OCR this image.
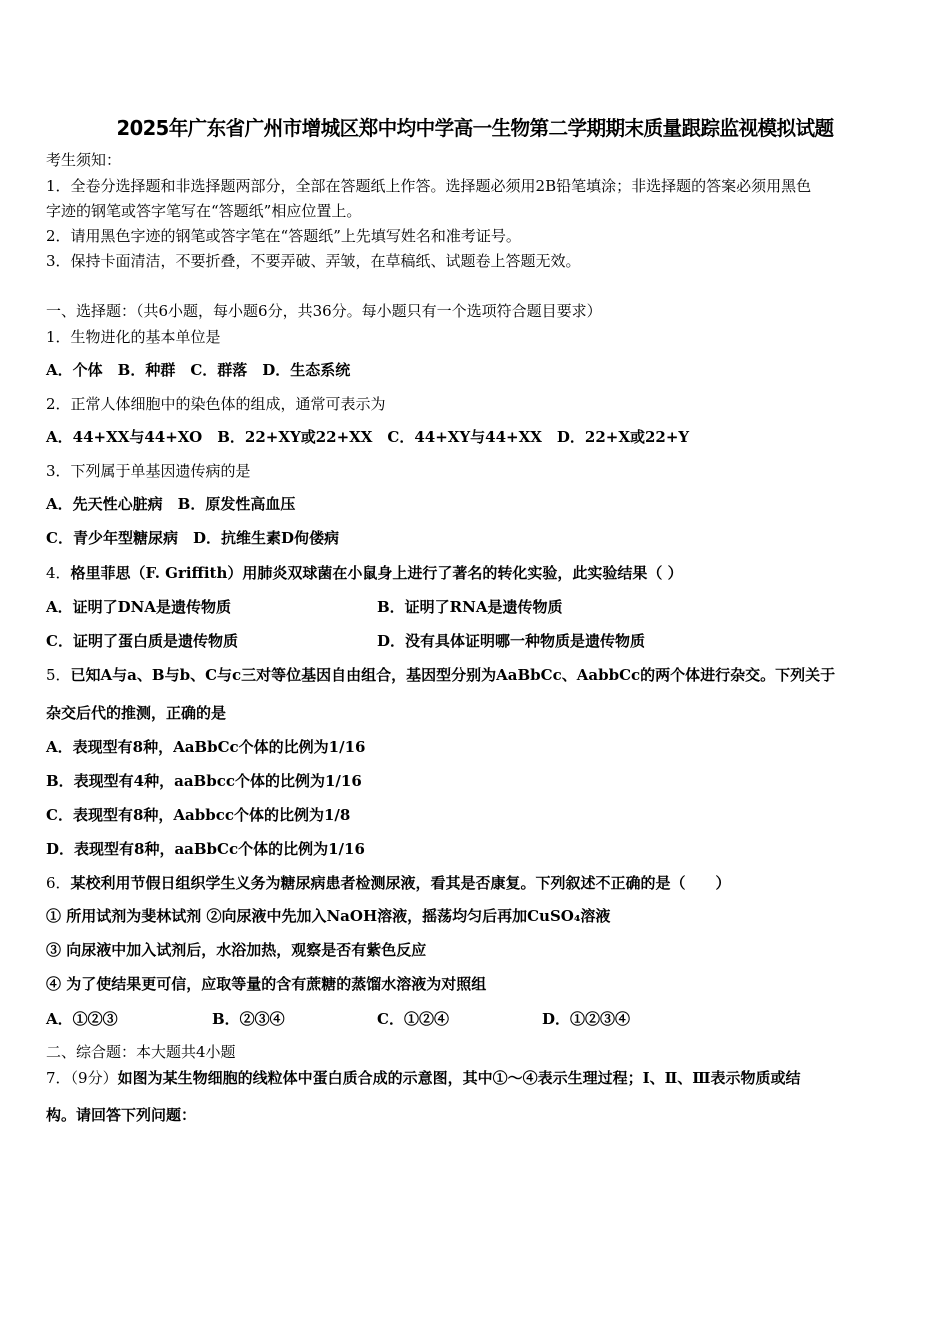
2025年广东省广州市增城区郑中均中学高一生物第二学期期末质量跟踪监视模拟试题
考生须知：
1．全卷分选择题和非选择题两部分，全部在答题纸上作答。选择题必须用2B铅笔填涂；非选择题的答案必须用黑色
字迹的钢笔或答字笔写在“答题纸”相应位置上。
2．请用黑色字迹的钢笔或答字笔在“答题纸”上先填写姓名和准考证号。
3．保持卡面清洁，不要折叠，不要弄破、弄皱，在草稿纸、试题卷上答题无效。
一、选择题：（共6小题，每小题6分，共36分。每小题只有一个选项符合题目要求）
1．生物进化的基本单位是
A．个体　B．种群　C．群落　D．生态系统
2．正常人体细胞中的染色体的组成，通常可表示为
A．44+XX与44+XO　B．22+XY或22+XX　C．44+XY与44+XX　D．22+X或22+Y
3．下列属于单基因遗传病的是
A．先天性心脏病　B．原发性高血压
C．青少年型糖尿病　D．抗维生素D佝偻病
4．格里菲思（F. Griffith）用肺炎双球菌在小鼠身上进行了著名的转化实验，此实验结果（ ）
A．证明了DNA是遗传物质	B．证明了RNA是遗传物质
C．证明了蛋白质是遗传物质	D．没有具体证明哪一种物质是遗传物质
5．已知A与a、B与b、C与c三对等位基因自由组合，基因型分别为AaBbCc、AabbCc的两个体进行杂交。下列关于
杂交后代的推测，正确的是
A．表现型有8种，AaBbCc个体的比例为1/16
B．表现型有4种，aaBbcc个体的比例为1/16
C．表现型有8种，Aabbcc个体的比例为1/8
D．表现型有8种，aaBbCc个体的比例为1/16
6．某校利用节假日组织学生义务为糖尿病患者检测尿液，看其是否康复。下列叙述不正确的是（　　）
① 所用试剂为斐林试剂 ②向尿液中先加入NaOH溶液，摇荡均匀后再加CuSO₄溶液
③ 向尿液中加入试剂后，水浴加热，观察是否有紫色反应
④ 为了使结果更可信，应取等量的含有蔗糖的蒸馏水溶液为对照组
A．①②③	B．②③④	C．①②④	D．①②③④
二、综合题：本大题共4小题
7．（9分）如图为某生物细胞的线粒体中蛋白质合成的示意图，其中①～④表示生理过程；Ⅰ、Ⅱ、Ⅲ表示物质或结
构。请回答下列问题：
